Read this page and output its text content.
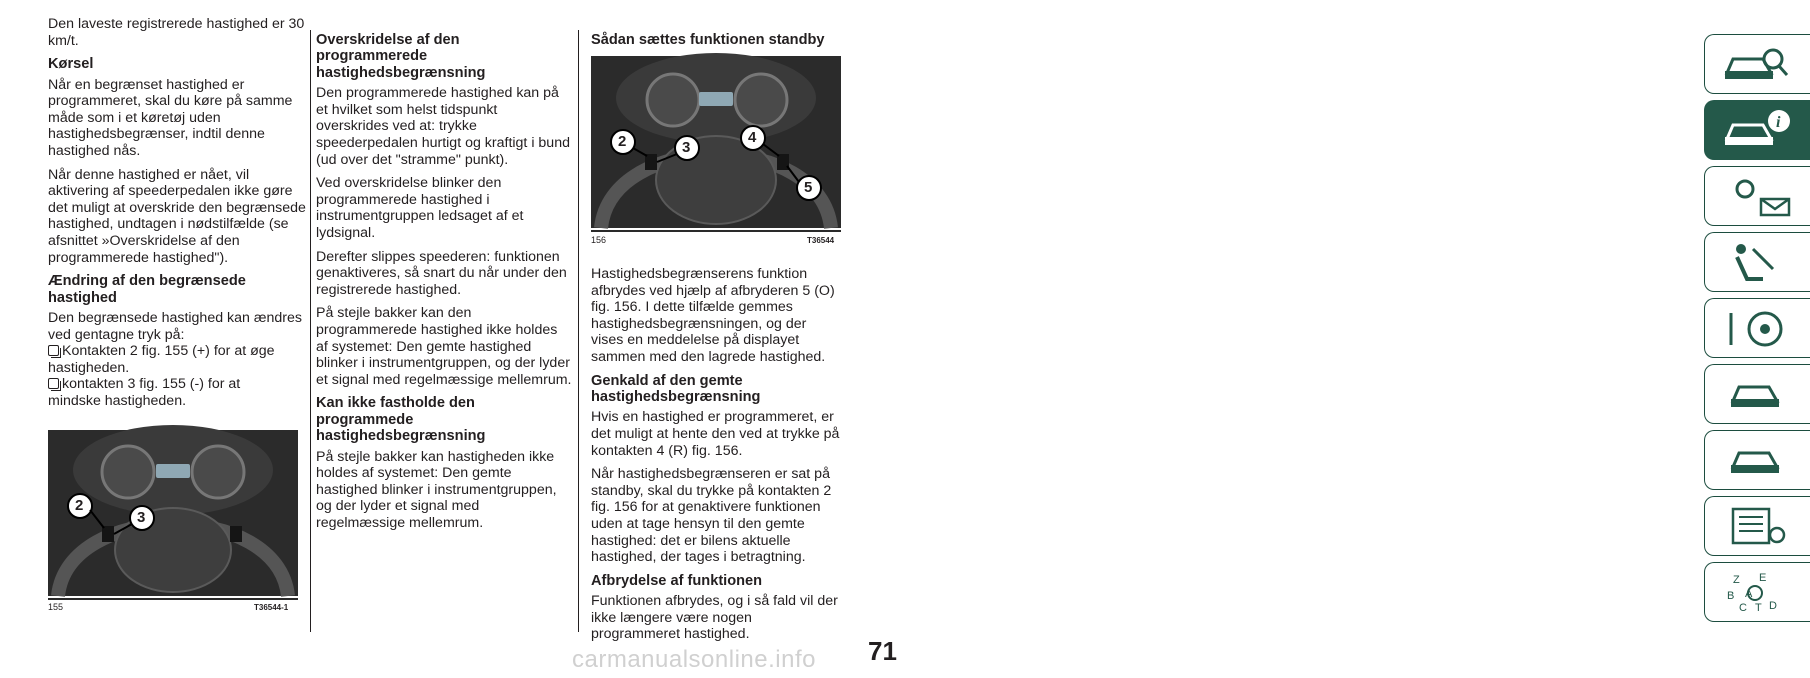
Den laveste registrerede hastighed er 30 km/t.

Kørsel

Når en begrænset hastighed er programmeret, skal du køre på samme måde som i et køretøj uden hastighedsbegrænser, indtil denne hastighed nås.

Når denne hastighed er nået, vil aktivering af speederpedalen ikke gøre det muligt at overskride den begrænsede hastighed, undtagen i nødstilfælde (se afsnittet »Overskridelse af den programmerede hastighed").

Ændring af den begrænsede hastighed

Den begrænsede hastighed kan ændres ved gentagne tryk på:

Kontakten 2 fig. 155 (+) for at øge

hastigheden.

kontakten 3 fig. 155 (-) for at

mindske hastigheden.

2
3
155	T36544-1

Overskridelse af den programmerede hastighedsbegrænsning

Den programmerede hastighed kan på et hvilket som helst tidspunkt overskrides ved at: trykke speederpedalen hurtigt og kraftigt i bund (ud over det "stramme" punkt).

Ved overskridelse blinker den programmerede hastighed i instrumentgruppen ledsaget af et lydsignal.

Derefter slippes speederen: funktionen genaktiveres, så snart du når under den registrerede hastighed.

På stejle bakker kan den programmerede hastighed ikke holdes af systemet: Den gemte hastighed blinker i instrumentgruppen, og der lyder et signal med regelmæssige mellemrum.

Kan ikke fastholde den programmede hastighedsbegrænsning

På stejle bakker kan hastigheden ikke holdes af systemet: Den gemte hastighed blinker i instrumentgruppen, og der lyder et signal med regelmæssige mellemrum.

Sådan sættes funktionen standby

2	3
4
5
156	T36544

Hastighedsbegrænserens funktion afbrydes ved hjælp af afbryderen 5 (O) fig. 156. I dette tilfælde gemmes hastighedsbegrænsningen, og der vises en meddelelse på displayet sammen med den lagrede hastighed.

Genkald af den gemte hastighedsbegrænsning

Hvis en hastighed er programmeret, er det muligt at hente den ved at trykke på kontakten 4 (R) fig. 156.

Når hastighedsbegrænseren er sat på standby, skal du trykke på kontakten 2 fig. 156 for at genaktivere funktionen uden at tage hensyn til den gemte hastighed: det er bilens aktuelle hastighed, der tages i betragtning.

Afbrydelse af funktionen

Funktionen afbrydes, og i så fald vil der ikke længere være nogen programmeret hastighed.

i
Z E
B A
C T D
71
carmanualsonline.info
